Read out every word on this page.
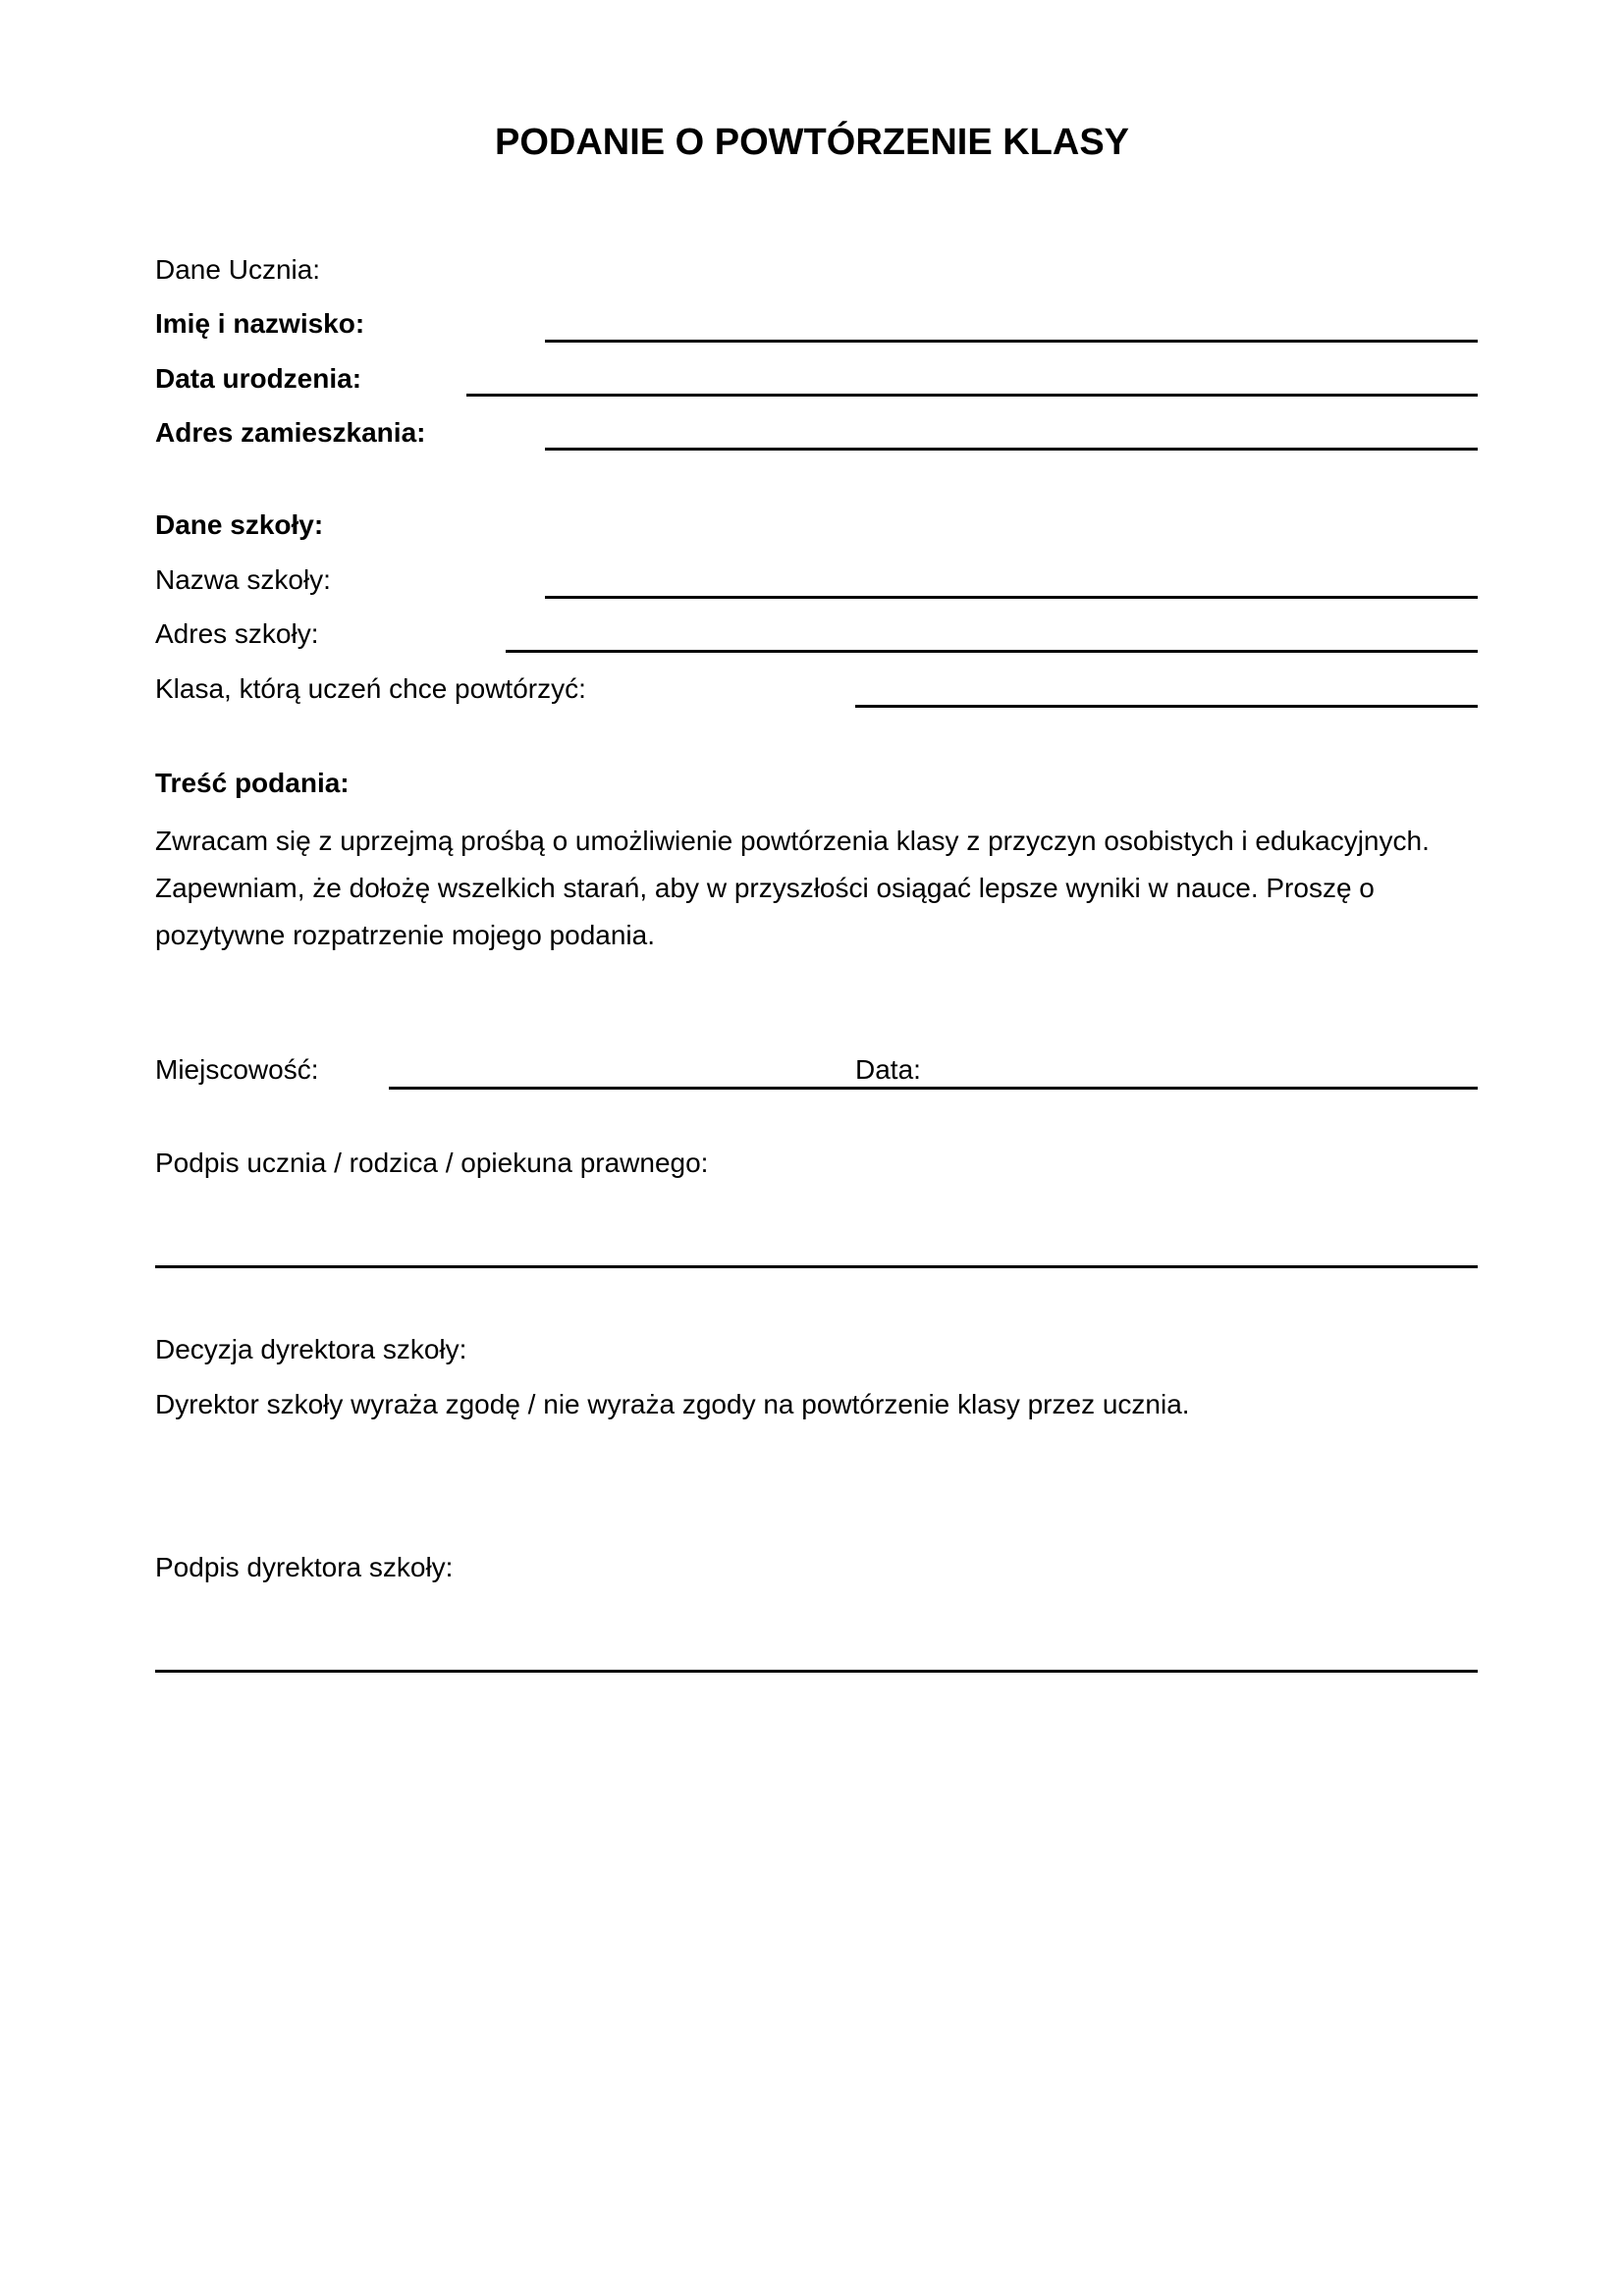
PODANIE O POWTÓRZENIE KLASY
Dane Ucznia:
Imię i nazwisko:
Data urodzenia:
Adres zamieszkania:
Dane szkoły:
Nazwa szkoły:
Adres szkoły:
Klasa, którą uczeń chce powtórzyć:
Treść podania:
Zwracam się z uprzejmą prośbą o umożliwienie powtórzenia klasy z przyczyn osobistych i edukacyjnych.
Zapewniam, że dołożę wszelkich starań, aby w przyszłości osiągać lepsze wyniki w nauce. Proszę o
pozytywne rozpatrzenie mojego podania.
Miejscowość:	Data:
Podpis ucznia / rodzica / opiekuna prawnego:
Decyzja dyrektora szkoły:
Dyrektor szkoły wyraża zgodę / nie wyraża zgody na powtórzenie klasy przez ucznia.
Podpis dyrektora szkoły:
